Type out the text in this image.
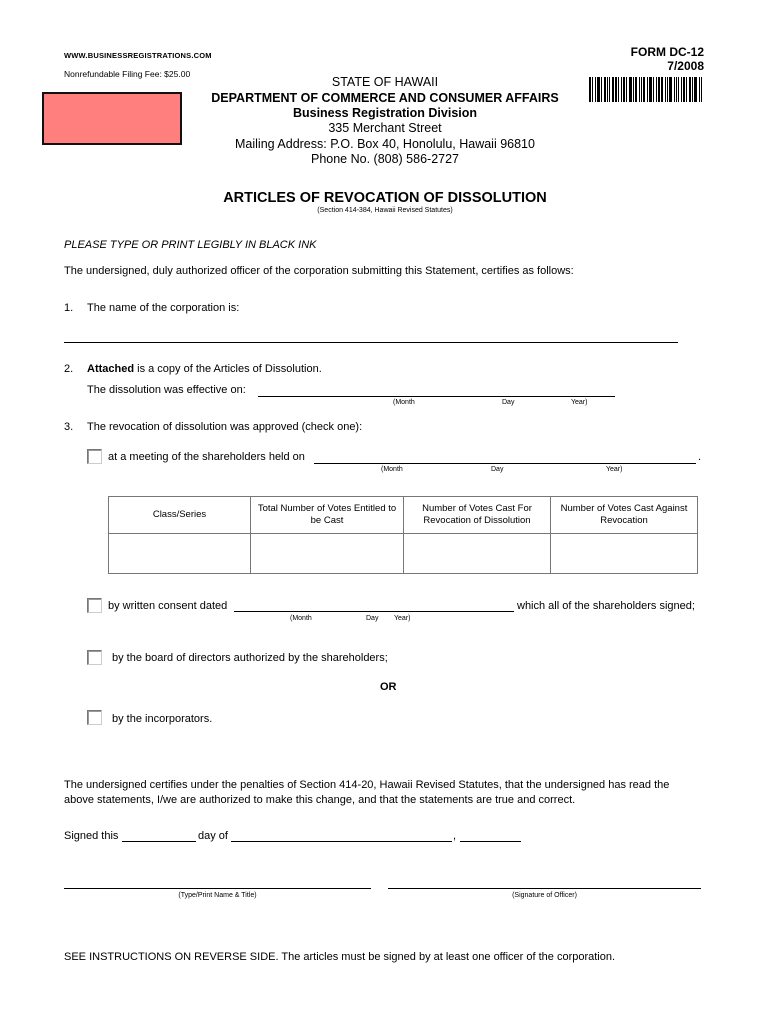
WWW.BUSINESSREGISTRATIONS.COM
Nonrefundable Filing Fee: $25.00
FORM DC-12
7/2008
STATE OF HAWAII
DEPARTMENT OF COMMERCE AND CONSUMER AFFAIRS
Business Registration Division
335 Merchant Street
Mailing Address: P.O. Box 40, Honolulu, Hawaii 96810
Phone No. (808) 586-2727
ARTICLES OF REVOCATION OF DISSOLUTION
(Section 414-384, Hawaii Revised Statutes)
PLEASE TYPE OR PRINT LEGIBLY IN BLACK INK
The undersigned, duly authorized officer of the corporation submitting this Statement, certifies as follows:
1. The name of the corporation is:
2. Attached is a copy of the Articles of Dissolution.
The dissolution was effective on:
(Month	Day	Year)
3. The revocation of dissolution was approved (check one):
at a meeting of the shareholders held on	.
(Month	Day	Year)
Class/Series	Total Number of Votes Entitled to be Cast	Number of Votes Cast For Revocation of Dissolution	Number of Votes Cast Against Revocation

by written consent dated	which all of the shareholders signed;
(Month	Day Year)
by the board of directors authorized by the shareholders;
OR
by the incorporators.
The undersigned certifies under the penalties of Section 414-20, Hawaii Revised Statutes, that the undersigned has read the
above statements, I/we are authorized to make this change, and that the statements are true and correct.
Signed this	day of	,
(Type/Print Name & Title)	(Signature of Officer)
SEE INSTRUCTIONS ON REVERSE SIDE. The articles must be signed by at least one officer of the corporation.
